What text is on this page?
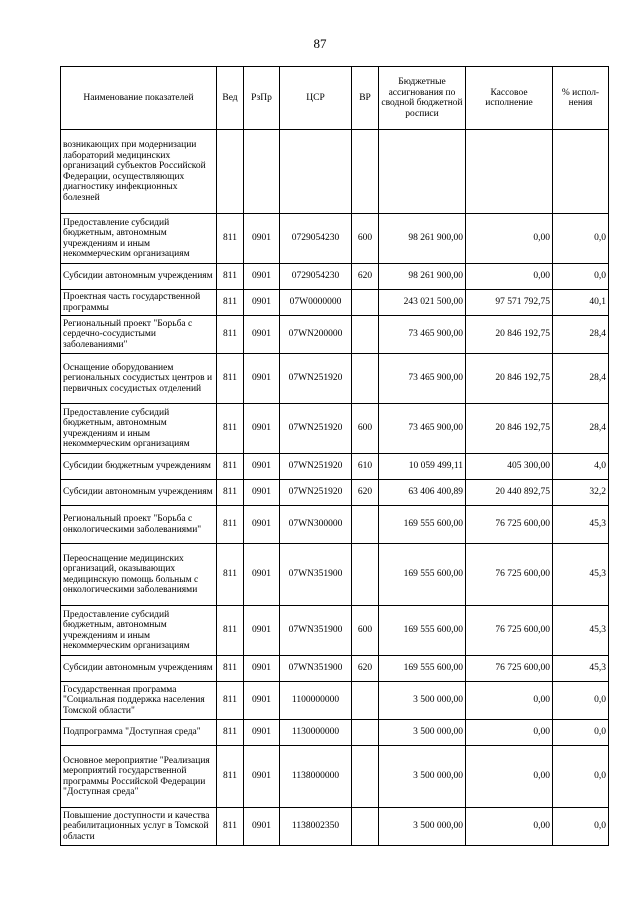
87
Наименование показателей	Вед	РзПр	ЦСР	ВР	Бюджетные ассигнования по сводной бюджетной росписи	Кассовое исполнение	% испол-нения
возникающих при модернизации лабораторий медицинских организаций субъектов Российской Федерации, осуществляющих диагностику инфекционных болезней							
Предоставление субсидий бюджетным, автономным учреждениям и иным некоммерческим организациям	811	0901	0729054230	600	98 261 900,00	0,00	0,0
Субсидии автономным учреждениям	811	0901	0729054230	620	98 261 900,00	0,00	0,0
Проектная часть государственной программы	811	0901	07W0000000		243 021 500,00	97 571 792,75	40,1
Региональный проект "Борьба с сердечно-сосудистыми заболеваниями"	811	0901	07WN200000		73 465 900,00	20 846 192,75	28,4
Оснащение оборудованием региональных сосудистых центров и первичных сосудистых отделений	811	0901	07WN251920		73 465 900,00	20 846 192,75	28,4
Предоставление субсидий бюджетным, автономным учреждениям и иным некоммерческим организациям	811	0901	07WN251920	600	73 465 900,00	20 846 192,75	28,4
Субсидии бюджетным учреждениям	811	0901	07WN251920	610	10 059 499,11	405 300,00	4,0
Субсидии автономным учреждениям	811	0901	07WN251920	620	63 406 400,89	20 440 892,75	32,2
Региональный проект "Борьба с онкологическими заболеваниями"	811	0901	07WN300000		169 555 600,00	76 725 600,00	45,3
Переоснащение медицинских организаций, оказывающих медицинскую помощь больным с онкологическими заболеваниями	811	0901	07WN351900		169 555 600,00	76 725 600,00	45,3
Предоставление субсидий бюджетным, автономным учреждениям и иным некоммерческим организациям	811	0901	07WN351900	600	169 555 600,00	76 725 600,00	45,3
Субсидии автономным учреждениям	811	0901	07WN351900	620	169 555 600,00	76 725 600,00	45,3
Государственная программа "Социальная поддержка населения Томской области"	811	0901	1100000000		3 500 000,00	0,00	0,0
Подпрограмма "Доступная среда"	811	0901	1130000000		3 500 000,00	0,00	0,0
Основное мероприятие "Реализация мероприятий государственной программы Российской Федерации "Доступная среда"	811	0901	1138000000		3 500 000,00	0,00	0,0
Повышение доступности и качества реабилитационных услуг в Томской области	811	0901	1138002350		3 500 000,00	0,00	0,0
